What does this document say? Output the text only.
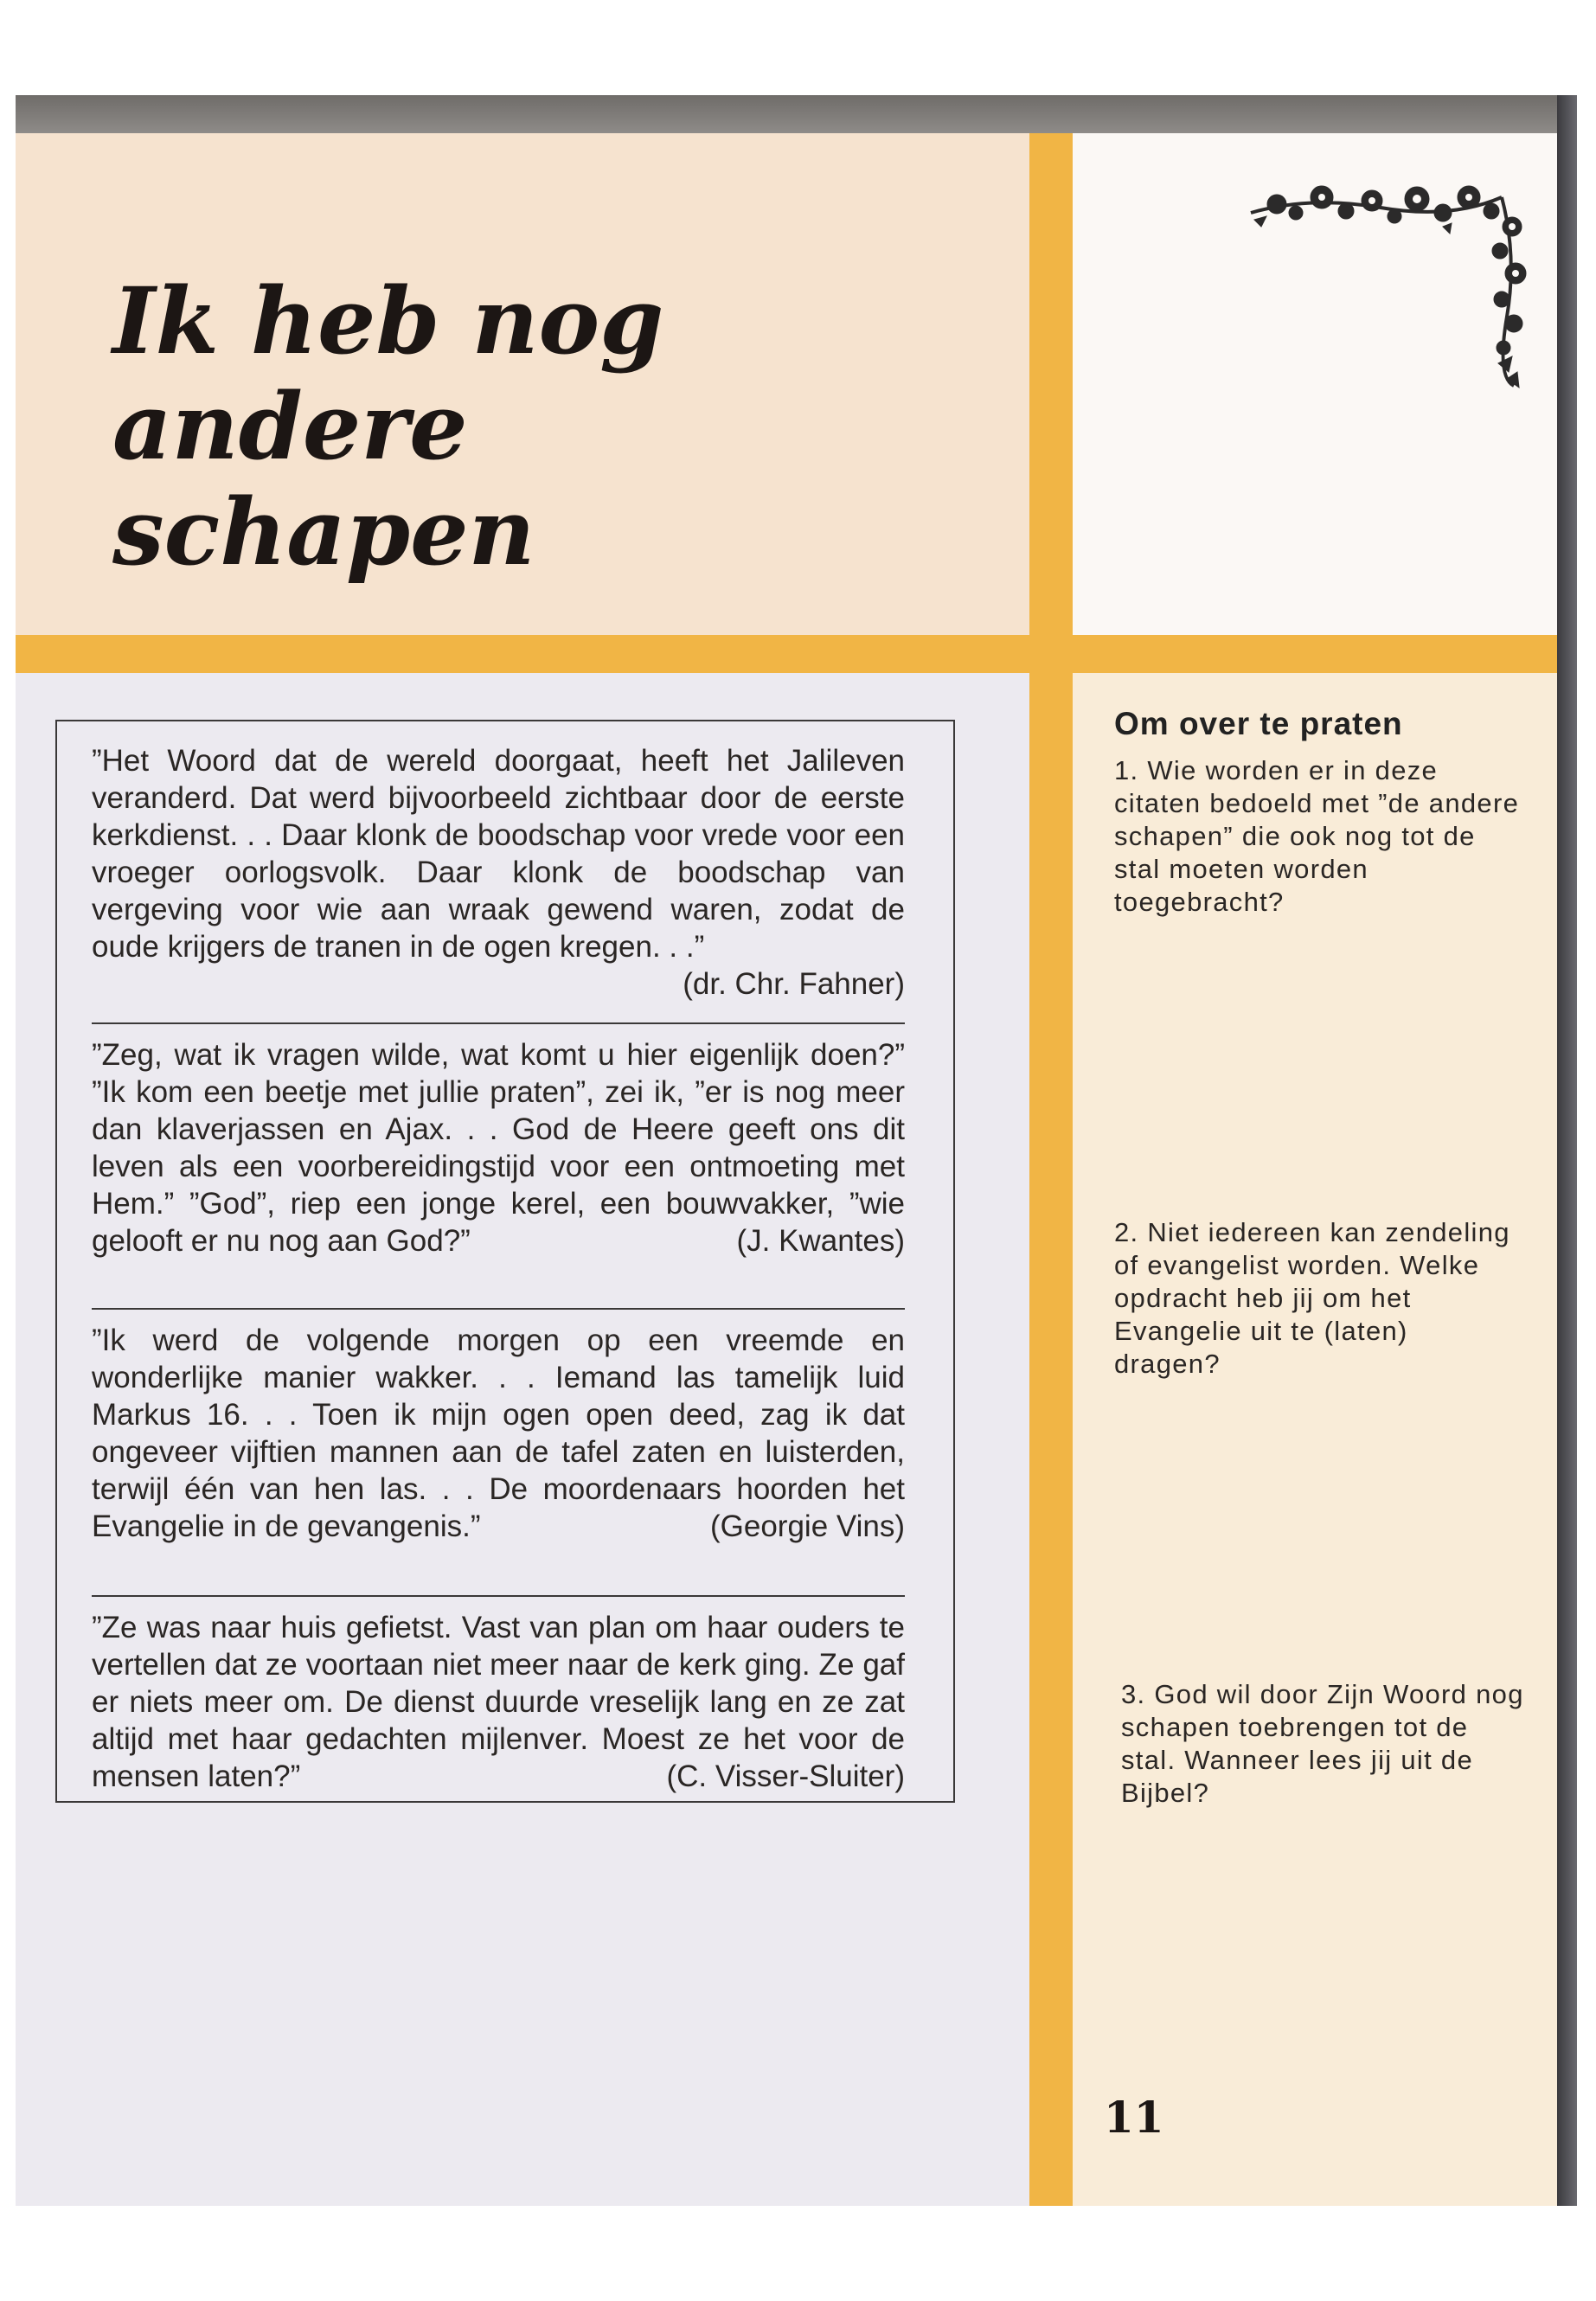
Ik heb nog andere
schapen

”Het Woord dat de wereld doorgaat, heeft het Jalileven veranderd. Dat werd bijvoorbeeld zichtbaar door de eerste kerkdienst. . . Daar klonk de boodschap voor vrede voor een vroeger oorlogsvolk. Daar klonk de boodschap van vergeving voor wie aan wraak gewend waren, zodat de oude krijgers de tranen in de ogen kregen. . .”
(dr. Chr. Fahner)

”Zeg, wat ik vragen wilde, wat komt u hier eigenlijk doen?” ”Ik kom een beetje met jullie praten”, zei ik, ”er is nog meer dan klaverjassen en Ajax. . . God de Heere geeft ons dit leven als een voorbereidingstijd voor een ontmoeting met Hem.” ”God”, riep een jonge kerel, een bouwvakker, ”wie gelooft er nu nog aan God?”	(J. Kwantes)

”Ik werd de volgende morgen op een vreemde en wonderlijke manier wakker. . . Iemand las tamelijk luid Markus 16. . . Toen ik mijn ogen open deed, zag ik dat ongeveer vijftien mannen aan de tafel zaten en luisterden, terwijl één van hen las. . . De moordenaars hoorden het Evangelie in de gevangenis.”	(Georgie Vins)

”Ze was naar huis gefietst. Vast van plan om haar ouders te vertellen dat ze voortaan niet meer naar de kerk ging. Ze gaf er niets meer om. De dienst duurde vreselijk lang en ze zat altijd met haar gedachten mijlenver. Moest ze het voor de mensen laten?”	(C. Visser-Sluiter)

Om over te praten

1. Wie worden er in deze citaten bedoeld met ”de andere schapen” die ook nog tot de stal moeten worden toegebracht?

2. Niet iedereen kan zendeling of evangelist worden. Welke opdracht heb jij om het Evangelie uit te (laten) dragen?

3. God wil door Zijn Woord nog schapen toebrengen tot de stal. Wanneer lees jij uit de Bijbel?

11
